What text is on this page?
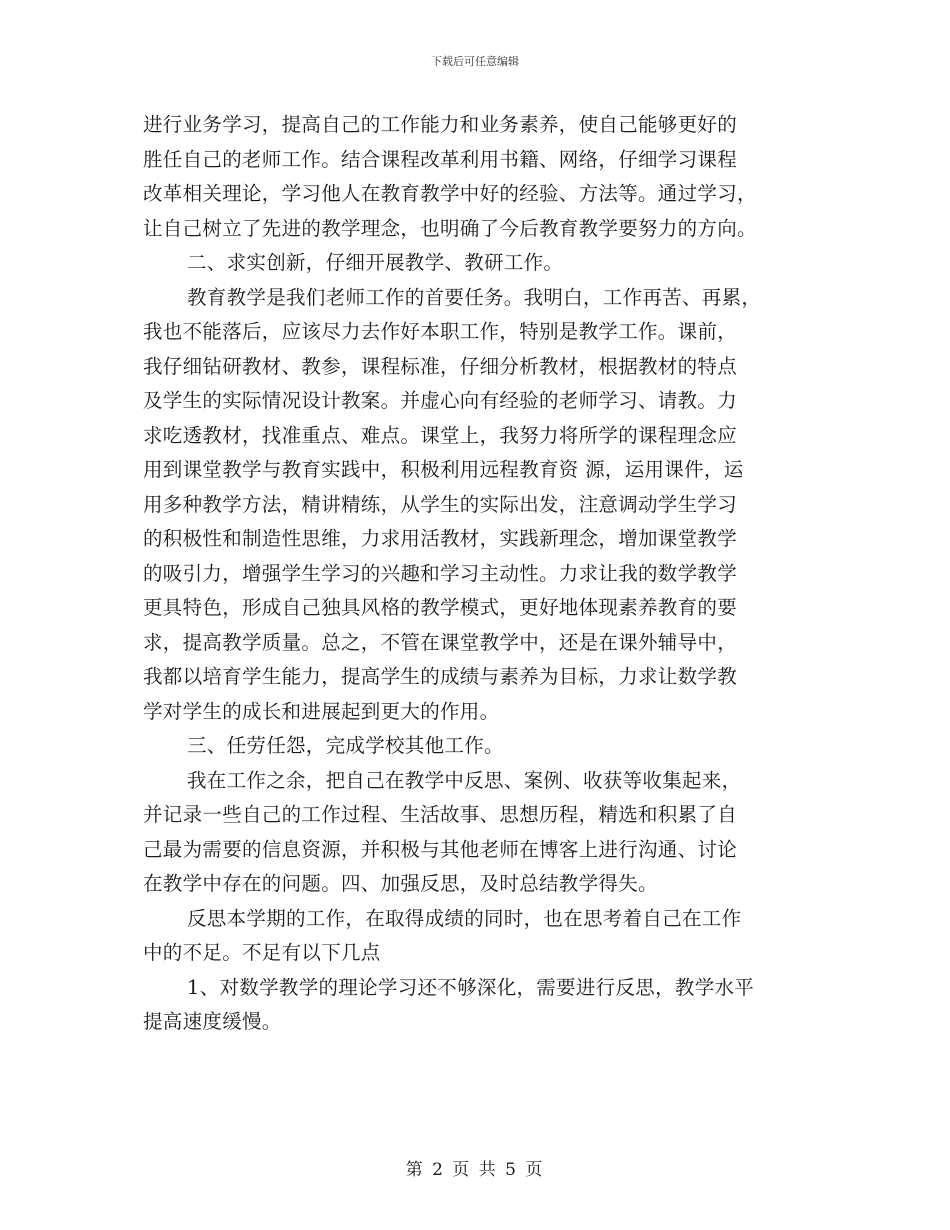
下载后可任意编辑
进行业务学习，提高自己的工作能力和业务素养，使自己能够更好的
胜任自己的老师工作。结合课程改革利用书籍、网络，仔细学习课程
改革相关理论，学习他人在教育教学中好的经验、方法等。通过学习，
让自己树立了先进的教学理念，也明确了今后教育教学要努力的方向。
二、求实创新，仔细开展教学、教研工作。
教育教学是我们老师工作的首要任务。我明白，工作再苦、再累，
我也不能落后，应该尽力去作好本职工作，特别是教学工作。课前，
我仔细钻研教材、教参，课程标准，仔细分析教材，根据教材的特点
及学生的实际情况设计教案。并虚心向有经验的老师学习、请教。力
求吃透教材，找准重点、难点。课堂上，我努力将所学的课程理念应
用到课堂教学与教育实践中，积极利用远程教育资 源，运用课件，运
用多种教学方法，精讲精练，从学生的实际出发，注意调动学生学习
的积极性和制造性思维，力求用活教材，实践新理念，增加课堂教学
的吸引力，增强学生学习的兴趣和学习主动性。力求让我的数学教学
更具特色，形成自己独具风格的教学模式，更好地体现素养教育的要
求，提高教学质量。总之，不管在课堂教学中，还是在课外辅导中，
我都以培育学生能力，提高学生的成绩与素养为目标，力求让数学教
学对学生的成长和进展起到更大的作用。
三、任劳任怨，完成学校其他工作。
我在工作之余，把自己在教学中反思、案例、收获等收集起来，
并记录一些自己的工作过程、生活故事、思想历程，精选和积累了自
己最为需要的信息资源，并积极与其他老师在博客上进行沟通、讨论
在教学中存在的问题。四、加强反思，及时总结教学得失。
反思本学期的工作，在取得成绩的同时，也在思考着自己在工作
中的不足。不足有以下几点
1、对数学教学的理论学习还不够深化，需要进行反思，教学水平
提高速度缓慢。
第 2 页 共 5 页
